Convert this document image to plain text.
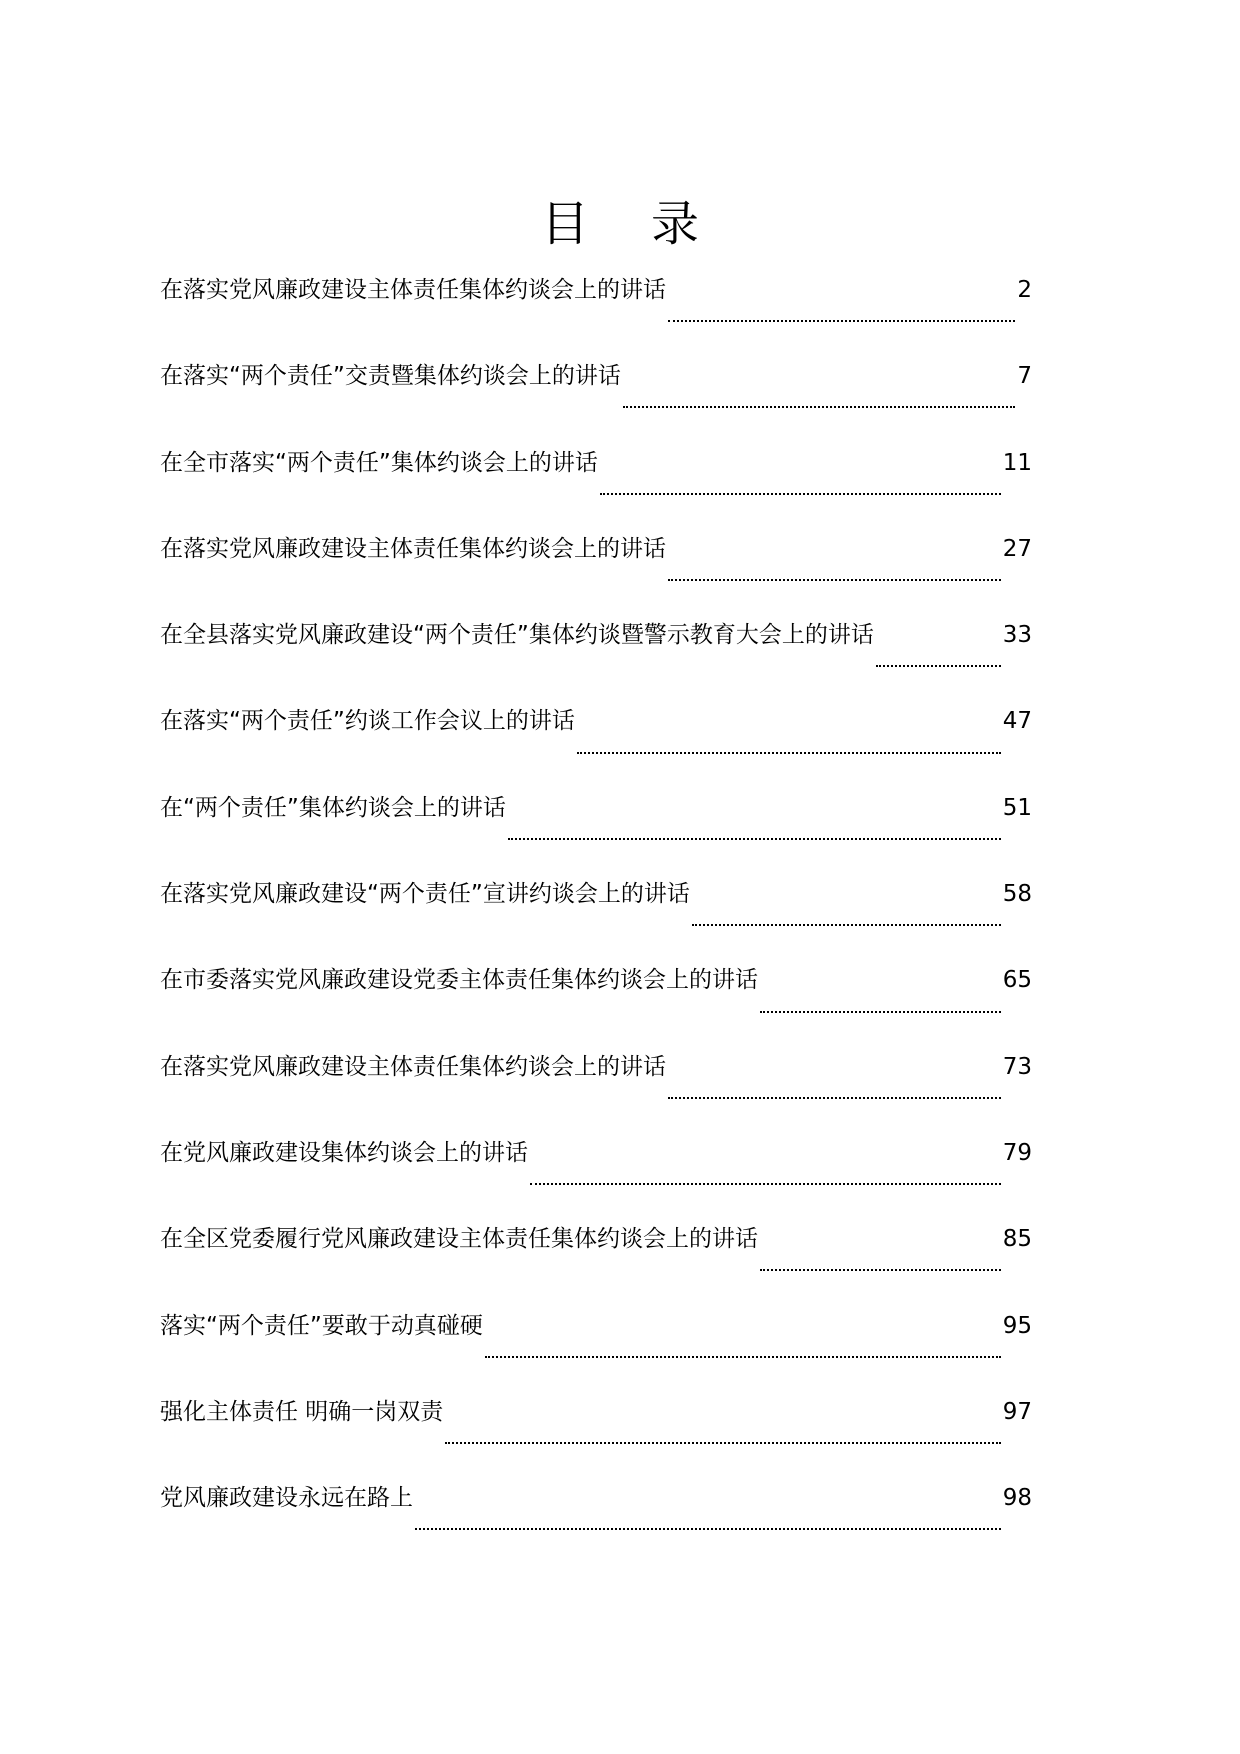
目 录
在落实党风廉政建设主体责任集体约谈会上的讲话	2
在落实“两个责任”交责暨集体约谈会上的讲话	7
在全市落实“两个责任”集体约谈会上的讲话	11
在落实党风廉政建设主体责任集体约谈会上的讲话	27
在全县落实党风廉政建设“两个责任”集体约谈暨警示教育大会上的讲话	33
在落实“两个责任”约谈工作会议上的讲话	47
在“两个责任”集体约谈会上的讲话	51
在落实党风廉政建设“两个责任”宣讲约谈会上的讲话	58
在市委落实党风廉政建设党委主体责任集体约谈会上的讲话	65
在落实党风廉政建设主体责任集体约谈会上的讲话	73
在党风廉政建设集体约谈会上的讲话	79
在全区党委履行党风廉政建设主体责任集体约谈会上的讲话	85
落实“两个责任”要敢于动真碰硬	95
强化主体责任 明确一岗双责	97
党风廉政建设永远在路上	98
